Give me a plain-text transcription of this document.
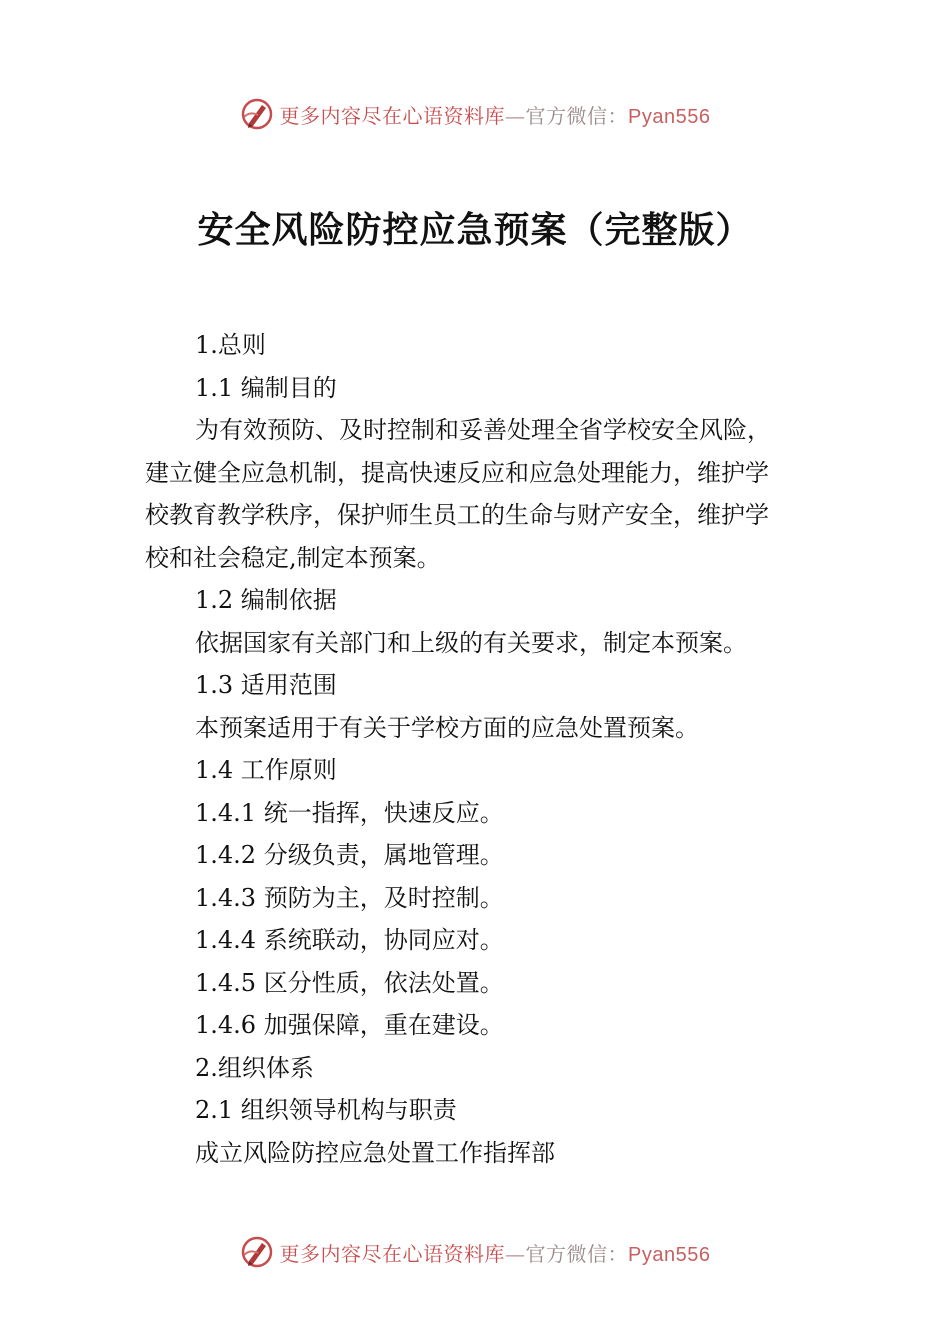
更多内容尽在心语资料库—官方微信：Pyan556
安全风险防控应急预案（完整版）
1.总则
1.1 编制目的
为有效预防、及时控制和妥善处理全省学校安全风险，
建立健全应急机制，提高快速反应和应急处理能力，维护学
校教育教学秩序，保护师生员工的生命与财产安全，维护学
校和社会稳定,制定本预案。
1.2 编制依据
依据国家有关部门和上级的有关要求，制定本预案。
1.3 适用范围
本预案适用于有关于学校方面的应急处置预案。
1.4 工作原则
1.4.1 统一指挥，快速反应。
1.4.2 分级负责，属地管理。
1.4.3 预防为主，及时控制。
1.4.4 系统联动，协同应对。
1.4.5 区分性质，依法处置。
1.4.6 加强保障，重在建设。
2.组织体系
2.1 组织领导机构与职责
成立风险防控应急处置工作指挥部
更多内容尽在心语资料库—官方微信：Pyan556
